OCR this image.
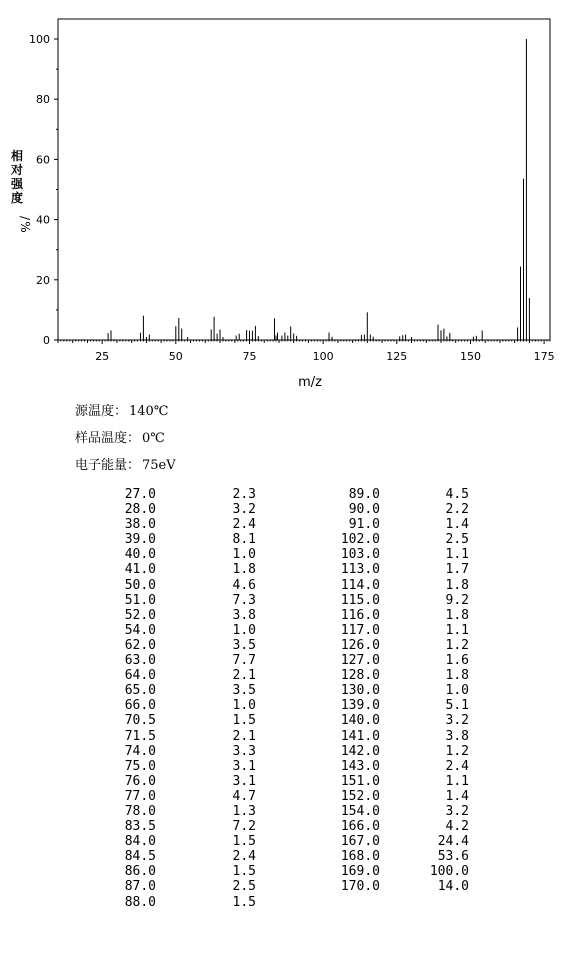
25	50	75	100	125	150	175
0
20
40
60
80
100
相
对
强
度
/
%
m/z
源温度： 140℃
样品温度： 0℃
电子能量： 75eV
27.0	2.3	89.0	4.5
28.0	3.2	90.0	2.2
38.0	2.4	91.0	1.4
39.0	8.1	102.0	2.5
40.0	1.0	103.0	1.1
41.0	1.8	113.0	1.7
50.0	4.6	114.0	1.8
51.0	7.3	115.0	9.2
52.0	3.8	116.0	1.8
54.0	1.0	117.0	1.1
62.0	3.5	126.0	1.2
63.0	7.7	127.0	1.6
64.0	2.1	128.0	1.8
65.0	3.5	130.0	1.0
66.0	1.0	139.0	5.1
70.5	1.5	140.0	3.2
71.5	2.1	141.0	3.8
74.0	3.3	142.0	1.2
75.0	3.1	143.0	2.4
76.0	3.1	151.0	1.1
77.0	4.7	152.0	1.4
78.0	1.3	154.0	3.2
83.5	7.2	166.0	4.2
84.0	1.5	167.0	24.4
84.5	2.4	168.0	53.6
86.0	1.5	169.0	100.0
87.0	2.5	170.0	14.0
88.0	1.5		
